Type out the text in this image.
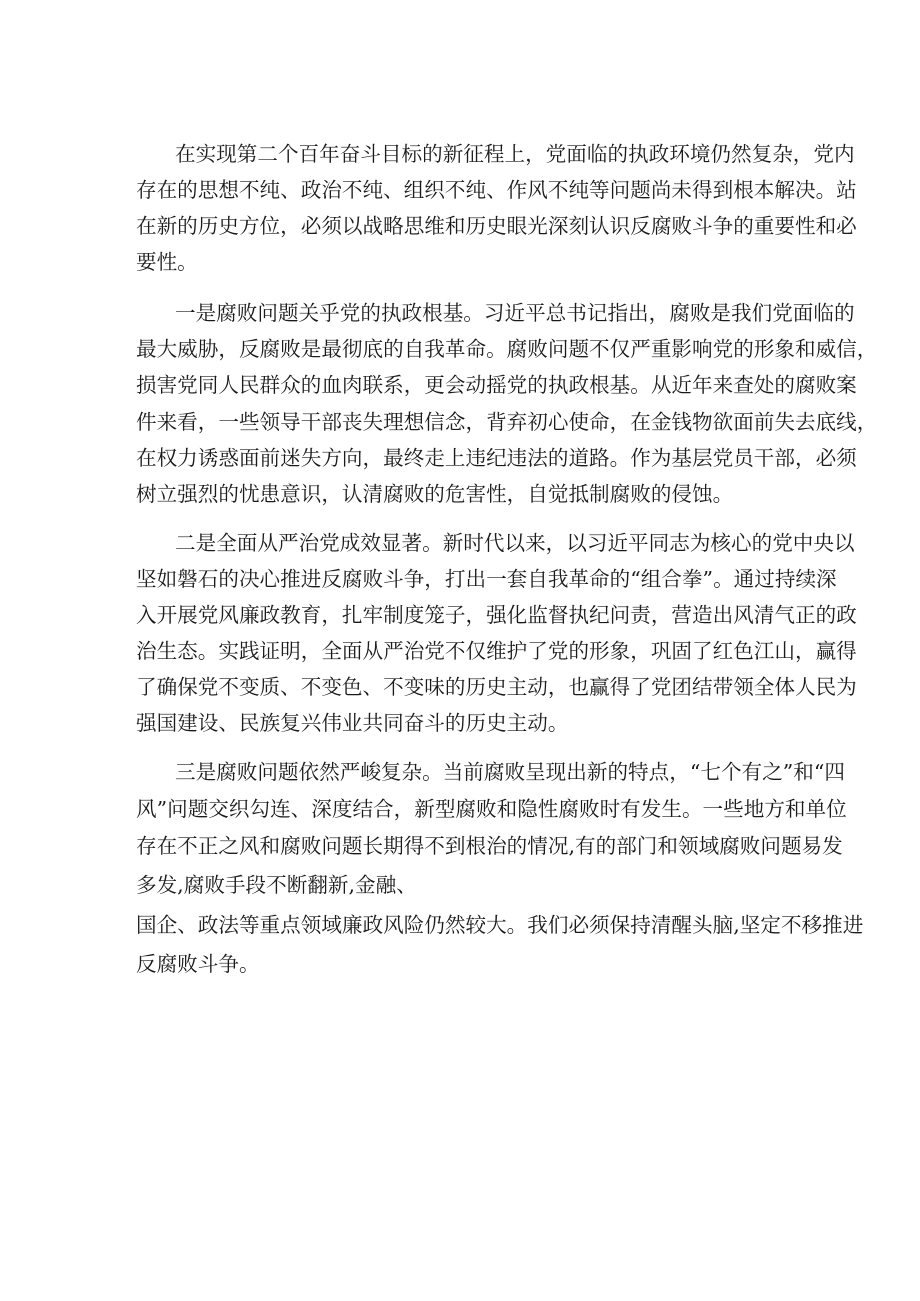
在实现第二个百年奋斗目标的新征程上，党面临的执政环境仍然复杂，党内
存在的思想不纯、政治不纯、组织不纯、作风不纯等问题尚未得到根本解决。站
在新的历史方位，必须以战略思维和历史眼光深刻认识反腐败斗争的重要性和必
要性。
一是腐败问题关乎党的执政根基。习近平总书记指出，腐败是我们党面临的
最大威胁，反腐败是最彻底的自我革命。腐败问题不仅严重影响党的形象和威信，
损害党同人民群众的血肉联系，更会动摇党的执政根基。从近年来查处的腐败案
件来看，一些领导干部丧失理想信念，背弃初心使命，在金钱物欲面前失去底线，
在权力诱惑面前迷失方向，最终走上违纪违法的道路。作为基层党员干部，必须
树立强烈的忧患意识，认清腐败的危害性，自觉抵制腐败的侵蚀。
二是全面从严治党成效显著。新时代以来，以习近平同志为核心的党中央以
坚如磐石的决心推进反腐败斗争，打出一套自我革命的“组合拳”。通过持续深
入开展党风廉政教育，扎牢制度笼子，强化监督执纪问责，营造出风清气正的政
治生态。实践证明，全面从严治党不仅维护了党的形象，巩固了红色江山，赢得
了确保党不变质、不变色、不变味的历史主动，也赢得了党团结带领全体人民为
强国建设、民族复兴伟业共同奋斗的历史主动。
三是腐败问题依然严峻复杂。当前腐败呈现出新的特点，“七个有之”和“四
风”问题交织勾连、深度结合，新型腐败和隐性腐败时有发生。一些地方和单位
存在不正之风和腐败问题长期得不到根治的情况,有的部门和领域腐败问题易发
多发,腐败手段不断翻新,金融、
国企、政法等重点领域廉政风险仍然较大。我们必须保持清醒头脑,坚定不移推进
反腐败斗争。
